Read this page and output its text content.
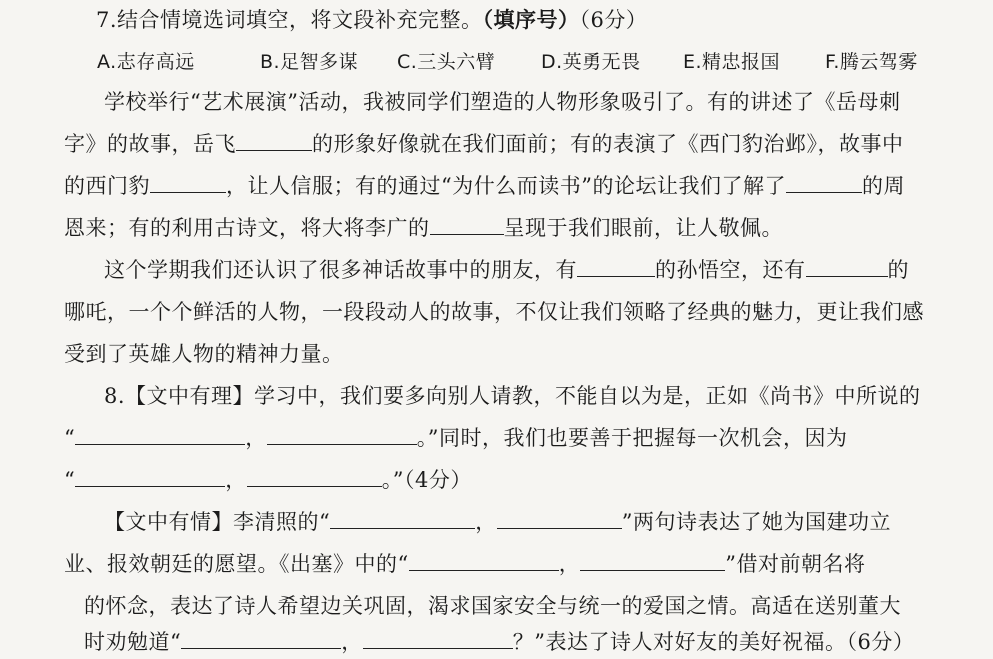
7.结合情境选词填空，将文段补充完整。（填序号）（6分）
A.志存高远	B.足智多谋 C.三头六臂 D.英勇无畏 E.精忠报国 F.腾云驾雾
学校举行“艺术展演”活动，我被同学们塑造的人物形象吸引了。有的讲述了《岳母刺
字》的故事，岳飞	的形象好像就在我们面前；有的表演了《西门豹治邺》，故事中
的西门豹	，让人信服；有的通过“为什么而读书”的论坛让我们了解了	的周
恩来；有的利用古诗文，将大将李广的	呈现于我们眼前，让人敬佩。
这个学期我们还认识了很多神话故事中的朋友，有	的孙悟空，还有	的
哪吒，一个个鲜活的人物，一段段动人的故事，不仅让我们领略了经典的魅力，更让我们感
受到了英雄人物的精神力量。
8.【文中有理】学习中，我们要多向别人请教，不能自以为是，正如《尚书》中所说的
“	，	。”同时，我们也要善于把握每一次机会，因为
“	，	。”（4分）
【文中有情】李清照的“	，	”两句诗表达了她为国建功立
业、报效朝廷的愿望。《出塞》中的“	，	”借对前朝名将
的怀念，表达了诗人希望边关巩固，渴求国家安全与统一的爱国之情。高适在送别董大
时劝勉道“	，	？”表达了诗人对好友的美好祝福。（6分）
